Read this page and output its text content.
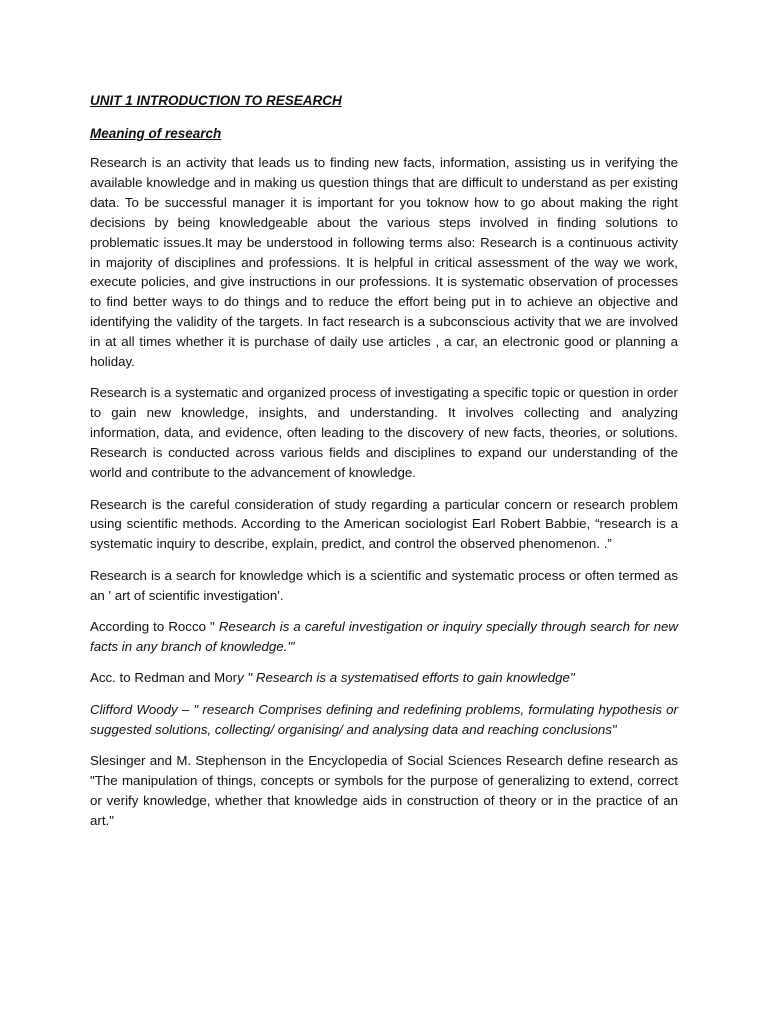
UNIT 1 INTRODUCTION TO RESEARCH
Meaning of research

Research is an activity that leads us to finding new facts, information, assisting us in verifying the available knowledge and in making us question things that are difficult to understand as per existing data. To be successful manager it is important for you toknow how to go about making the right decisions by being knowledgeable about the various steps involved in finding solutions to problematic issues.It may be understood in following terms also: Research is a continuous activity in majority of disciplines and professions. It is helpful in critical assessment of the way we work, execute policies, and give instructions in our professions. It is systematic observation of processes to find better ways to do things and to reduce the effort being put in to achieve an objective and identifying the validity of the targets. In fact research is a subconscious activity that we are involved in at all times whether it is purchase of daily use articles , a car, an electronic good or planning a holiday.

Research is a systematic and organized process of investigating a specific topic or question in order to gain new knowledge, insights, and understanding. It involves collecting and analyzing information, data, and evidence, often leading to the discovery of new facts, theories, or solutions. Research is conducted across various fields and disciplines to expand our understanding of the world and contribute to the advancement of knowledge.

Research is the careful consideration of study regarding a particular concern or research problem using scientific methods. According to the American sociologist Earl Robert Babbie, “research is a systematic inquiry to describe, explain, predict, and control the observed phenomenon. .”

Research is a search for knowledge which is a scientific and systematic process or often termed as an ' art of scientific investigation'.

According to Rocco " Research is a careful investigation or inquiry specially through search for new facts in any branch of knowledge.'"

Acc. to Redman and Mory " Research is a systematised efforts to gain knowledge"

Clifford Woody – " research Comprises defining and redefining problems, formulating hypothesis or suggested solutions, collecting/ organising/ and analysing data and reaching conclusions"

Slesinger and M. Stephenson in the Encyclopedia of Social Sciences Research define research as "The manipulation of things, concepts or symbols for the purpose of generalizing to extend, correct or verify knowledge, whether that knowledge aids in construction of theory or in the practice of an art."
